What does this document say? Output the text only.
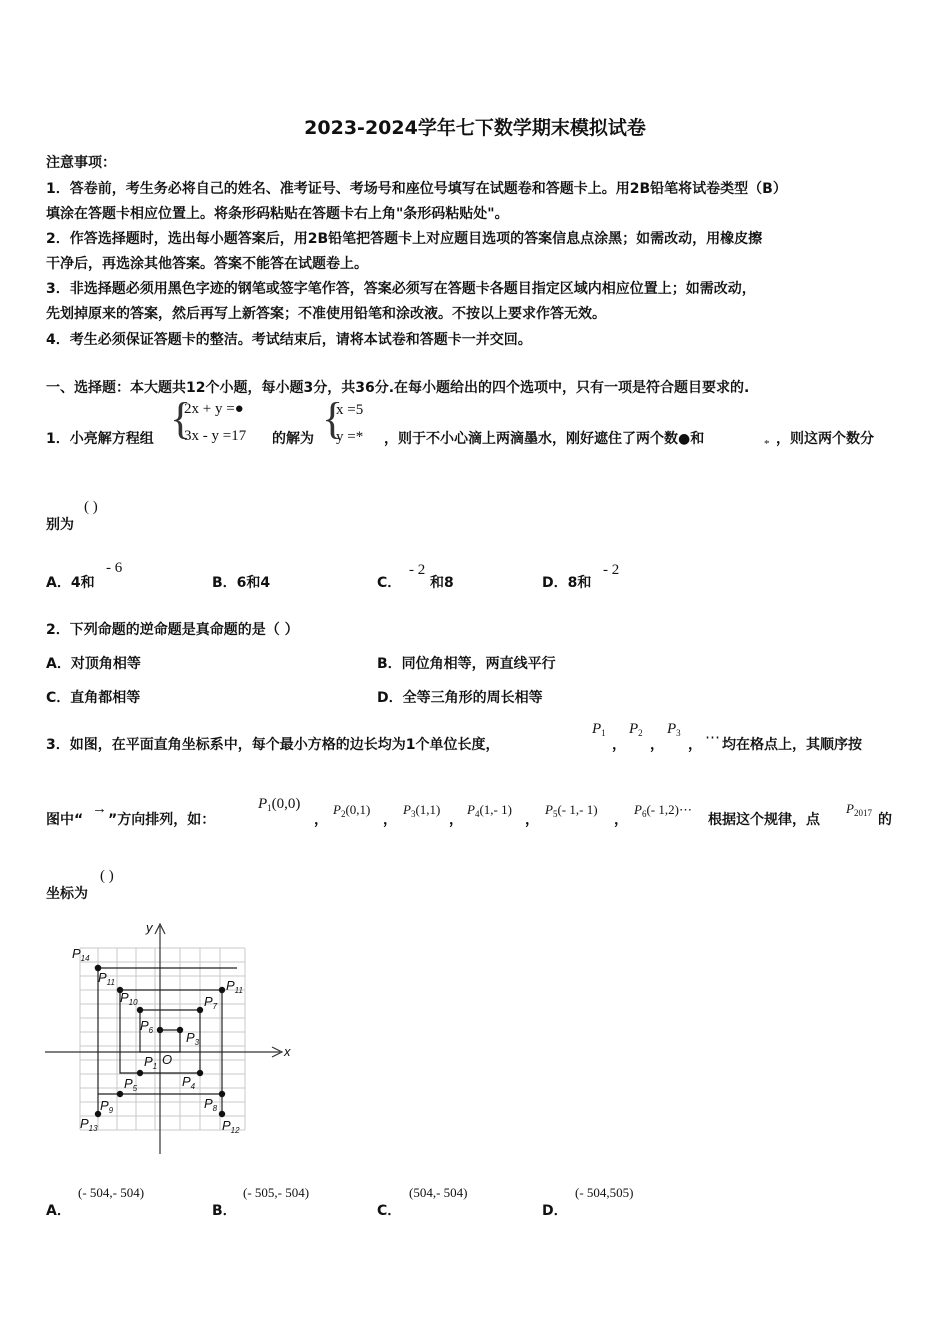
2023-2024学年七下数学期末模拟试卷
注意事项：
1．答卷前，考生务必将自己的姓名、准考证号、考场号和座位号填写在试题卷和答题卡上。用2B铅笔将试卷类型（B）
填涂在答题卡相应位置上。将条形码粘贴在答题卡右上角"条形码粘贴处"。
2．作答选择题时，选出每小题答案后，用2B铅笔把答题卡上对应题目选项的答案信息点涂黑；如需改动，用橡皮擦
干净后，再选涂其他答案。答案不能答在试题卷上。
3．非选择题必须用黑色字迹的钢笔或签字笔作答，答案必须写在答题卡各题目指定区域内相应位置上；如需改动，
先划掉原来的答案，然后再写上新答案；不准使用铅笔和涂改液。不按以上要求作答无效。
4．考生必须保证答题卡的整洁。考试结束后，请将本试卷和答题卡一并交回。
一、选择题：本大题共12个小题，每小题3分，共36分.在每小题给出的四个选项中，只有一项是符合题目要求的.
1．小亮解方程组 {
2x + y =●
3x - y =17 的解为 {
x =5
y =* ，则于不小心滴上两滴墨水，刚好遮住了两个数●和	* ，则这两个数分
别为
( )
A．4和
- 6
B．6和4	C．
- 2
和8	D．8和
- 2
2．下列命题的逆命题是真命题的是（ ）
A．对顶角相等	B．同位角相等，两直线平行
C．直角都相等	D．全等三角形的周长相等
3．如图，在平面直角坐标系中，每个最小方格的边长均为1个单位长度，
$P_1$
，
$P_2$
，
$P_3$
， ⋯ 均在格点上，其顺序按
图中“
→
”方向排列，如：
$P_1(0,0)$
，
$P_2(0,1)$
，
$P_3(1,1)$
，
$P_4(1,-$ 1)
，
$P_5(-$ 1,- 1)
，
$P_6(-$ 1,2)⋯
根据这个规律，点
$P_{2017}$ 的
坐标为
( )
x
y
O
$P_{14}$
$P_{11}$
$P_{10}$	$P_7$
$P_6$	$P_3$
$P_1$
$P_4$
$P_5$
$P_8$
$P_9$
$P_{11}$
$P_{12}$
$P_{13}$
A．
(- 504,- 504)
B．
(- 505,- 504)
C．
(504,- 504)
D．
(- 504,505)
